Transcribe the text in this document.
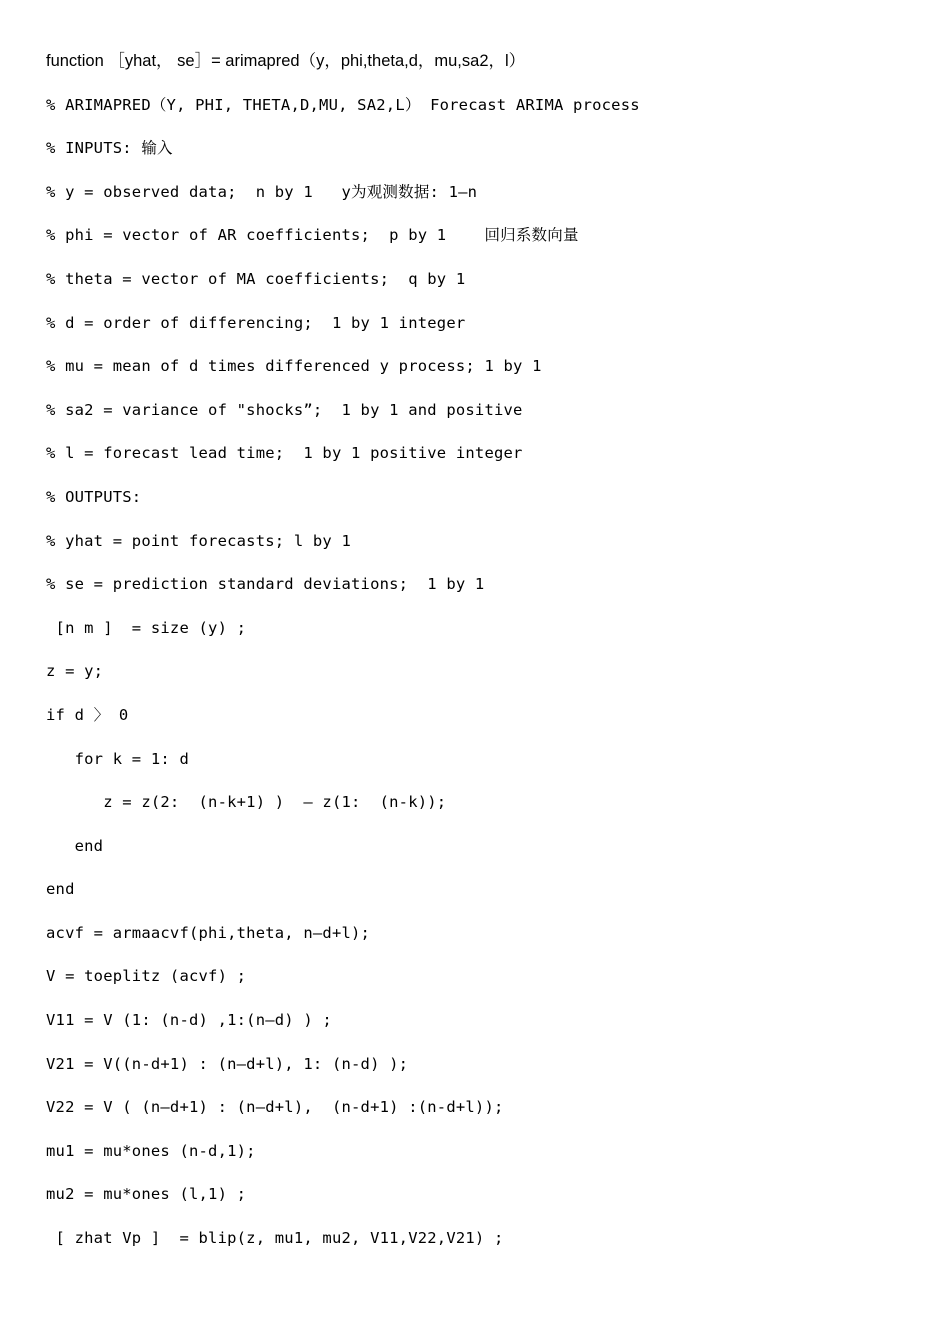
function ［yhat， se］= arimapred（y，phi,theta,d，mu,sa2，l）
% ARIMAPRED（Y, PHI, THETA,D,MU, SA2,L） Forecast ARIMA process
% INPUTS: 输入
% y = observed data;  n by 1   y为观测数据: 1—n
% phi = vector of AR coefficients;  p by 1    回归系数向量
% theta = vector of MA coefficients;  q by 1
% d = order of differencing;  1 by 1 integer
% mu = mean of d times differenced y process; 1 by 1
% sa2 = variance of "shocks”;  1 by 1 and positive
% l = forecast lead time;  1 by 1 positive integer
% OUTPUTS:
% yhat = point forecasts; l by 1
% se = prediction standard deviations;  1 by 1
[n m ]  = size (y) ;
z = y;
if d 〉 0
for k = 1: d
z = z(2:  (n-k+1) )  — z(1:  (n-k));
end
end
acvf = armaacvf(phi,theta, n—d+l);
V = toeplitz (acvf) ;
V11 = V (1: (n-d) ,1:(n—d) ) ;
V21 = V((n-d+1) : (n—d+l), 1: (n-d) );
V22 = V ( (n—d+1) : (n—d+l),  (n-d+1) :(n-d+l));
mu1 = mu*ones (n-d,1);
mu2 = mu*ones (l,1) ;
[ zhat Vp ]  = blip(z, mu1, mu2, V11,V22,V21) ;
